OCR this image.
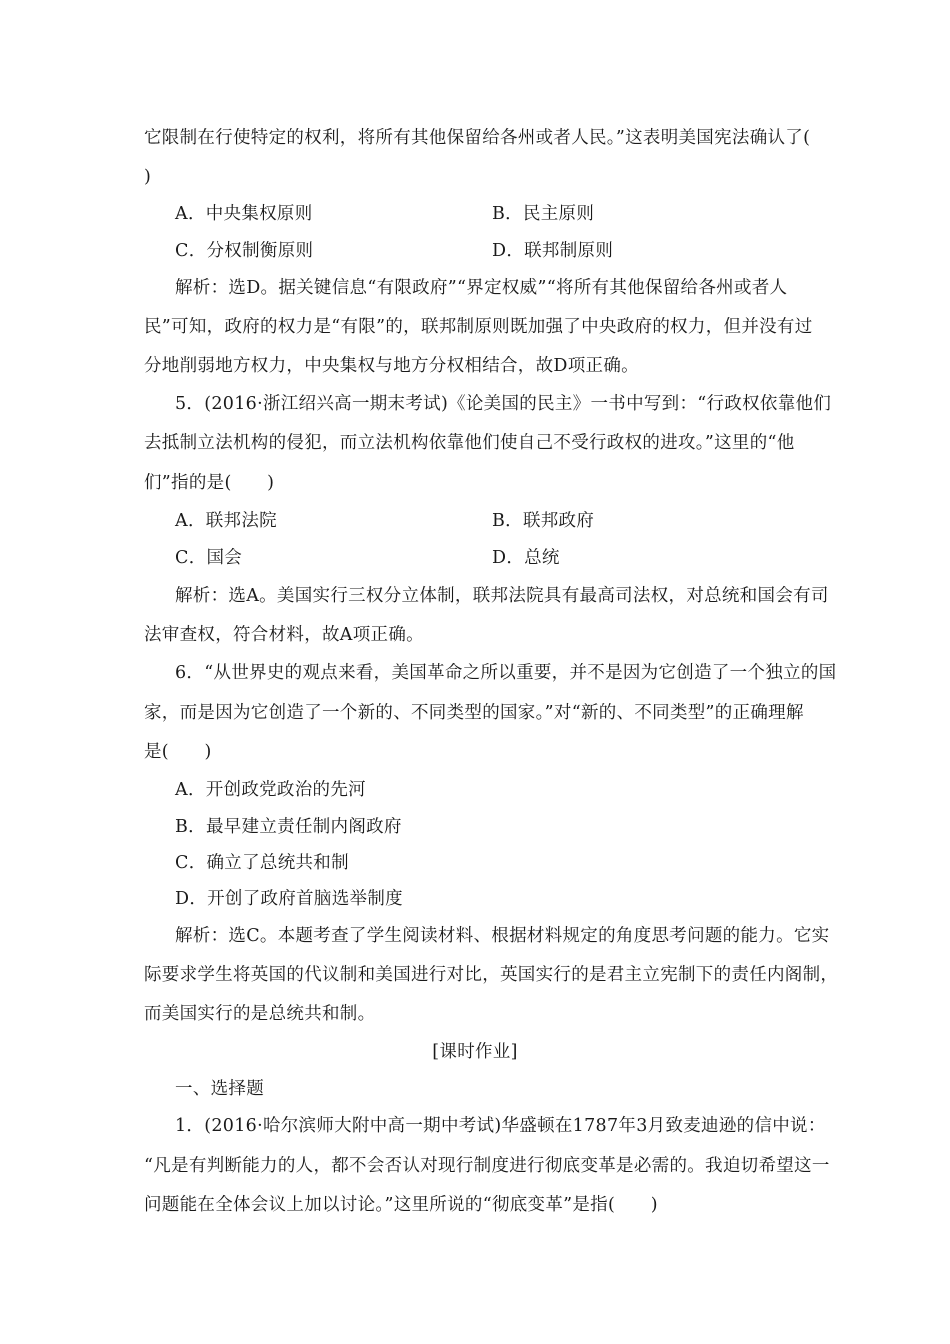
它限制在行使特定的权利，将所有其他保留给各州或者人民。”这表明美国宪法确认了(
)
A．中央集权原则	B．民主原则
C．分权制衡原则	D．联邦制原则
解析：选D。据关键信息“有限政府”“界定权威”“将所有其他保留给各州或者人
民”可知，政府的权力是“有限”的，联邦制原则既加强了中央政府的权力，但并没有过
分地削弱地方权力，中央集权与地方分权相结合，故D项正确。
5．(2016·浙江绍兴高一期末考试)《论美国的民主》一书中写到：“行政权依靠他们
去抵制立法机构的侵犯，而立法机构依靠他们使自己不受行政权的进攻。”这里的“他
们”指的是(　　)
A．联邦法院	B．联邦政府
C．国会	D．总统
解析：选A。美国实行三权分立体制，联邦法院具有最高司法权，对总统和国会有司
法审查权，符合材料，故A项正确。
6．“从世界史的观点来看，美国革命之所以重要，并不是因为它创造了一个独立的国
家，而是因为它创造了一个新的、不同类型的国家。”对“新的、不同类型”的正确理解
是(　　)
A．开创政党政治的先河
B．最早建立责任制内阁政府
C．确立了总统共和制
D．开创了政府首脑选举制度
解析：选C。本题考查了学生阅读材料、根据材料规定的角度思考问题的能力。它实
际要求学生将英国的代议制和美国进行对比，英国实行的是君主立宪制下的责任内阁制，
而美国实行的是总统共和制。
[课时作业]
一、选择题
1．(2016·哈尔滨师大附中高一期中考试)华盛顿在1787年3月致麦迪逊的信中说：
“凡是有判断能力的人，都不会否认对现行制度进行彻底变革是必需的。我迫切希望这一
问题能在全体会议上加以讨论。”这里所说的“彻底变革”是指(　　)
